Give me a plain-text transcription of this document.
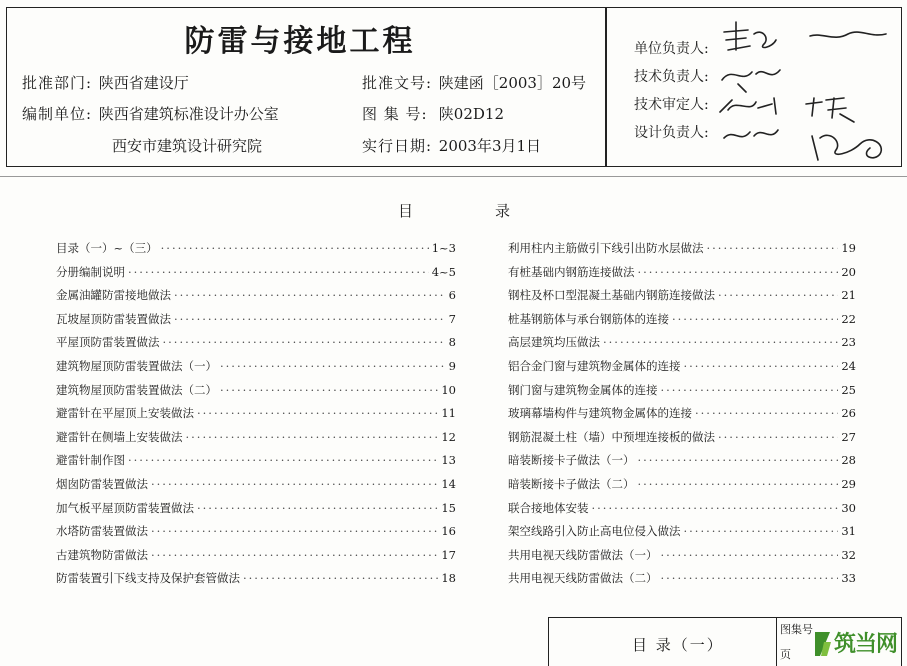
防雷与接地工程
批准部门: 陕西省建设厅
编制单位: 陕西省建筑标准设计办公室
西安市建筑设计研究院
批准文号: 陕建函［2003］20号
图 集 号: 陕02D12
实行日期: 2003年3月1日
单位负责人:
技术负责人:
技术审定人:
设计负责人:
目录
目录（一）~（三） ·····	1~3
分册编制说明 ·····	4~5
金属油罐防雷接地做法 ·····	6
瓦坡屋顶防雷装置做法 ·····	7
平屋顶防雷装置做法 ·····	8
建筑物屋顶防雷装置做法（一） ·····	9
建筑物屋顶防雷装置做法（二） ·····	10
避雷针在平屋顶上安装做法 ·····	11
避雷针在侧墙上安装做法 ·····	12
避雷针制作图 ·····	13
烟囱防雷装置做法 ·····	14
加气板平屋顶防雷装置做法 ·····	15
水塔防雷装置做法 ·····	16
古建筑物防雷做法 ·····	17
防雷装置引下线支持及保护套管做法 ·····	18
利用柱内主筋做引下线引出防水层做法 ·····	19
有桩基础内钢筋连接做法 ·····	20
钢柱及杯口型混凝土基础内钢筋连接做法 ·····	21
桩基钢筋体与承台钢筋体的连接 ·····	22
高层建筑均压做法 ·····	23
铝合金门窗与建筑物金属体的连接 ·····	24
钢门窗与建筑物金属体的连接 ·····	25
玻璃幕墙构件与建筑物金属体的连接 ·····	26
钢筋混凝土柱（墙）中预埋连接板的做法 ·····	27
暗装断接卡子做法（一） ·····	28
暗装断接卡子做法（二） ·····	29
联合接地体安装 ·····	30
架空线路引入防止高电位侵入做法 ·····	31
共用电视天线防雷做法（一） ·····	32
共用电视天线防雷做法（二） ·····	33
目 录（一）
图集号
页 筑当网
